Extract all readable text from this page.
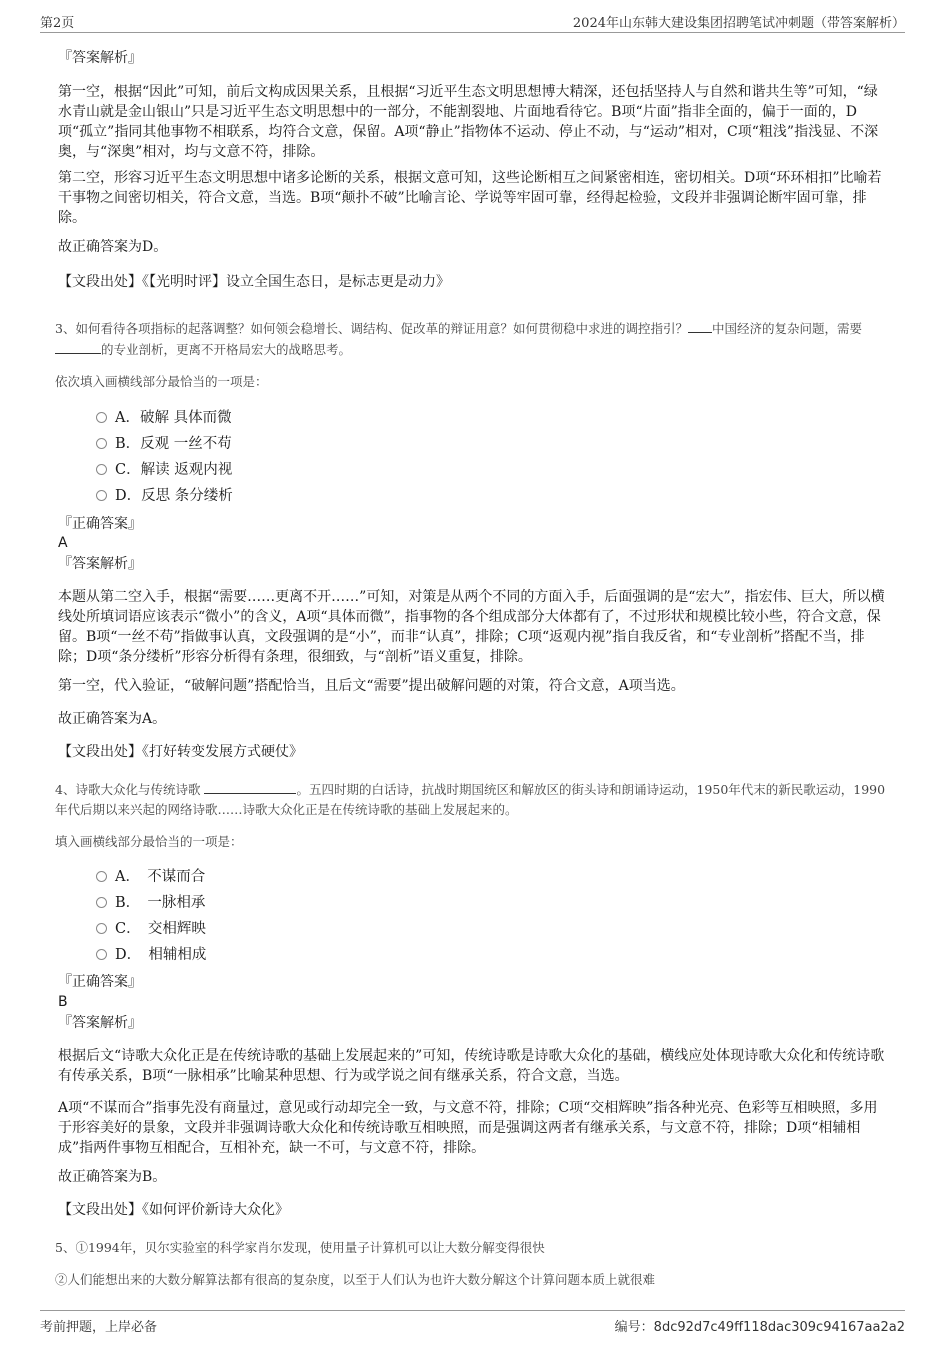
第2页	2024年山东韩大建设集团招聘笔试冲刺题（带答案解析）
『答案解析』
第一空，根据“因此”可知，前后文构成因果关系，且根据“习近平生态文明思想博大精深，还包括坚持人与自然和谐共生等”可知，“绿水青山就是金山银山”只是习近平生态文明思想中的一部分，不能割裂地、片面地看待它。B项“片面”指非全面的，偏于一面的，D项“孤立”指同其他事物不相联系，均符合文意，保留。A项“静止”指物体不运动、停止不动，与“运动”相对，C项“粗浅”指浅显、不深奥，与“深奥”相对，均与文意不符，排除。
第二空，形容习近平生态文明思想中诸多论断的关系，根据文意可知，这些论断相互之间紧密相连，密切相关。D项“环环相扣”比喻若干事物之间密切相关，符合文意，当选。B项“颠扑不破”比喻言论、学说等牢固可靠，经得起检验，文段并非强调论断牢固可靠，排除。
故正确答案为D。
【文段出处】《【光明时评】设立全国生态日，是标志更是动力》
3、如何看待各项指标的起落调整？如何领会稳增长、调结构、促改革的辩证用意？如何贯彻稳中求进的调控指引？ 中国经济的复杂问题，需要的专业剖析，更离不开格局宏大的战略思考。
依次填入画横线部分最恰当的一项是：
A．破解 具体而微
B．反观 一丝不苟
C．解读 返观内视
D．反思 条分缕析
『正确答案』
A
『答案解析』
本题从第二空入手，根据“需要……更离不开……”可知，对策是从两个不同的方面入手，后面强调的是“宏大”，指宏伟、巨大，所以横线处所填词语应该表示“微小”的含义，A项“具体而微”，指事物的各个组成部分大体都有了，不过形状和规模比较小些，符合文意，保留。B项“一丝不苟”指做事认真，文段强调的是“小”，而非“认真”，排除；C项“返观内视”指自我反省，和“专业剖析”搭配不当，排除；D项“条分缕析”形容分析得有条理，很细致，与“剖析”语义重复，排除。
第一空，代入验证，“破解问题”搭配恰当，且后文“需要”提出破解问题的对策，符合文意，A项当选。
故正确答案为A。
【文段出处】《打好转变发展方式硬仗》
4、诗歌大众化与传统诗歌	。五四时期的白话诗，抗战时期国统区和解放区的街头诗和朗诵诗运动，1950年代末的新民歌运动，1990年代后期以来兴起的网络诗歌……诗歌大众化正是在传统诗歌的基础上发展起来的。
填入画横线部分最恰当的一项是：
A．　不谋而合
B．　一脉相承
C．　交相辉映
D．　相辅相成
『正确答案』
B
『答案解析』
根据后文“诗歌大众化正是在传统诗歌的基础上发展起来的”可知，传统诗歌是诗歌大众化的基础，横线应处体现诗歌大众化和传统诗歌有传承关系，B项“一脉相承”比喻某种思想、行为或学说之间有继承关系，符合文意，当选。
A项“不谋而合”指事先没有商量过，意见或行动却完全一致，与文意不符，排除；C项“交相辉映”指各种光亮、色彩等互相映照，多用于形容美好的景象，文段并非强调诗歌大众化和传统诗歌互相映照，而是强调这两者有继承关系，与文意不符，排除；D项“相辅相成”指两件事物互相配合，互相补充，缺一不可，与文意不符，排除。
故正确答案为B。
【文段出处】《如何评价新诗大众化》
5、①1994年，贝尔实验室的科学家肖尔发现，使用量子计算机可以让大数分解变得很快
②人们能想出来的大数分解算法都有很高的复杂度，以至于人们认为也许大数分解这个计算问题本质上就很难
考前押题，上岸必备	编号：8dc92d7c49ff118dac309c94167aa2a2
